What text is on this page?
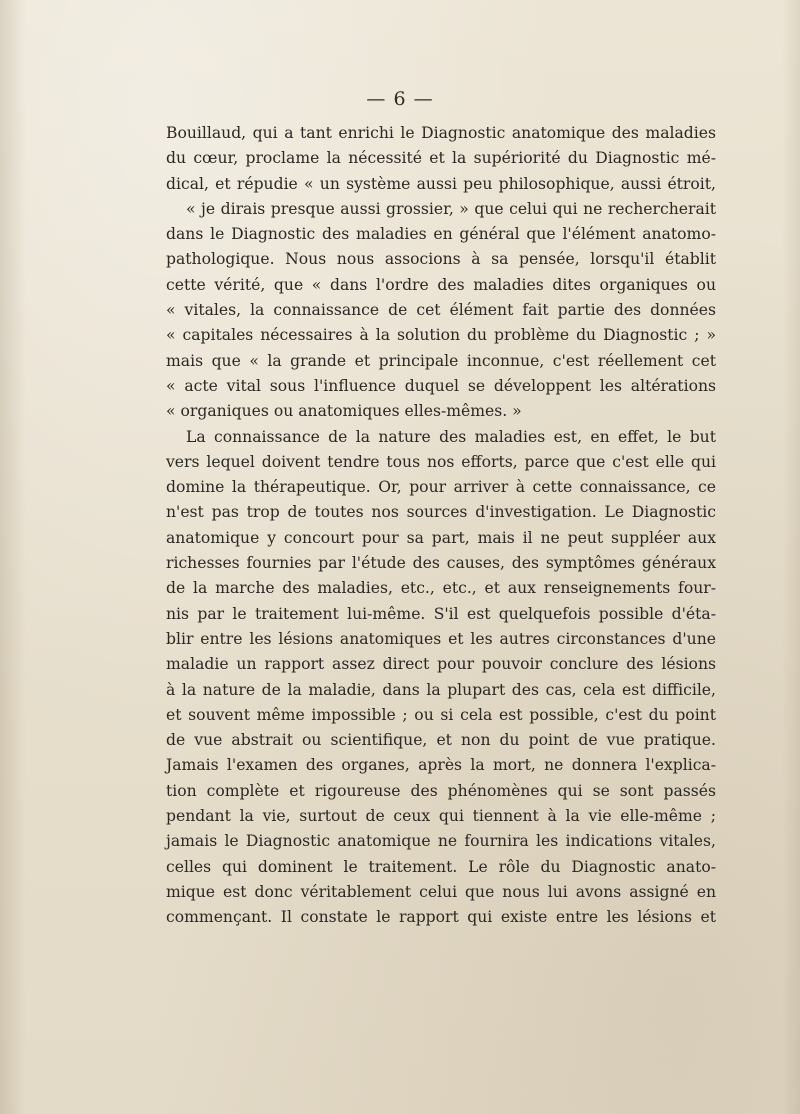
— 6 —
Bouillaud, qui a tant enrichi le Diagnostic anatomique des maladies
du cœur, proclame la nécessité et la supériorité du Diagnostic mé-
dical, et répudie « un système aussi peu philosophique, aussi étroit,
« je dirais presque aussi grossier, » que celui qui ne rechercherait
dans le Diagnostic des maladies en général que l'élément anatomo-
pathologique. Nous nous associons à sa pensée, lorsqu'il établit
cette vérité, que « dans l'ordre des maladies dites organiques ou
« vitales, la connaissance de cet élément fait partie des données
« capitales nécessaires à la solution du problème du Diagnostic ; »
mais que « la grande et principale inconnue, c'est réellement cet
« acte vital sous l'influence duquel se développent les altérations
« organiques ou anatomiques elles-mêmes. »
La connaissance de la nature des maladies est, en effet, le but
vers lequel doivent tendre tous nos efforts, parce que c'est elle qui
domine la thérapeutique. Or, pour arriver à cette connaissance, ce
n'est pas trop de toutes nos sources d'investigation. Le Diagnostic
anatomique y concourt pour sa part, mais il ne peut suppléer aux
richesses fournies par l'étude des causes, des symptômes généraux
de la marche des maladies, etc., etc., et aux renseignements four-
nis par le traitement lui-même. S'il est quelquefois possible d'éta-
blir entre les lésions anatomiques et les autres circonstances d'une
maladie un rapport assez direct pour pouvoir conclure des lésions
à la nature de la maladie, dans la plupart des cas, cela est difficile,
et souvent même impossible ; ou si cela est possible, c'est du point
de vue abstrait ou scientifique, et non du point de vue pratique.
Jamais l'examen des organes, après la mort, ne donnera l'explica-
tion complète et rigoureuse des phénomènes qui se sont passés
pendant la vie, surtout de ceux qui tiennent à la vie elle-même ;
jamais le Diagnostic anatomique ne fournira les indications vitales,
celles qui dominent le traitement. Le rôle du Diagnostic anato-
mique est donc véritablement celui que nous lui avons assigné en
commençant. Il constate le rapport qui existe entre les lésions et
